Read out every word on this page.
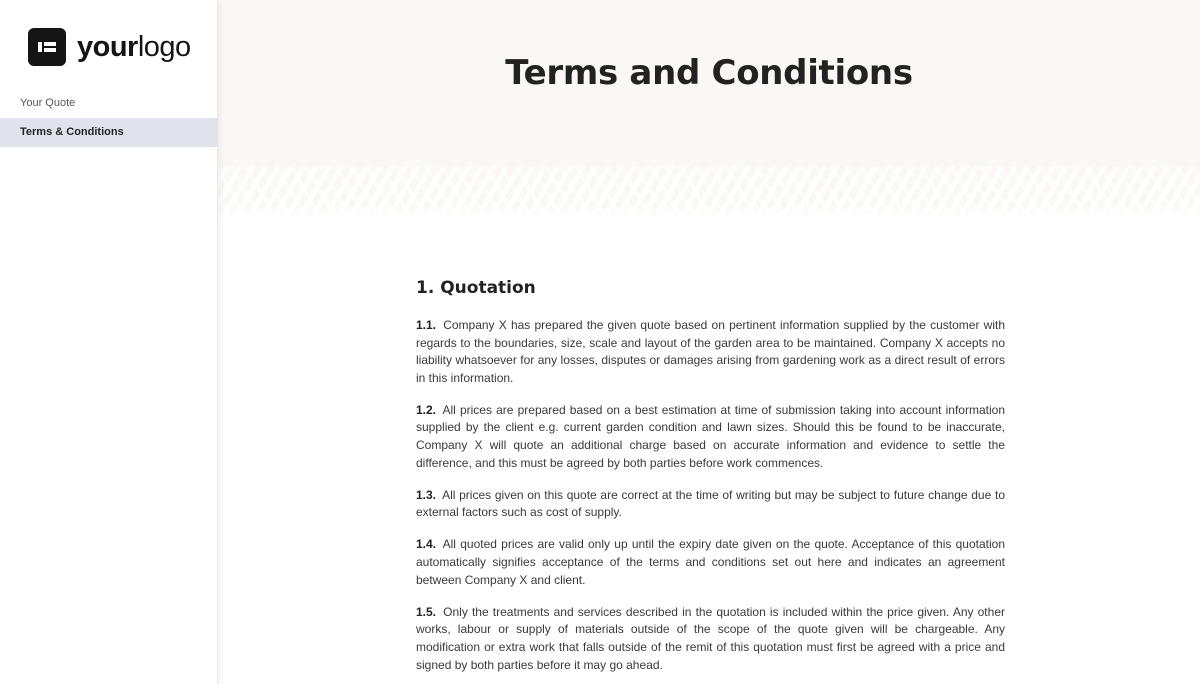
yourlogo
Your Quote
Terms & Conditions
Terms and Conditions
1. Quotation

1.1. Company X has prepared the given quote based on pertinent information supplied by the customer with regards to the boundaries, size, scale and layout of the garden area to be maintained. Company X accepts no liability whatsoever for any losses, disputes or damages arising from gardening work as a direct result of errors in this information.

1.2. All prices are prepared based on a best estimation at time of submission taking into account information supplied by the client e.g. current garden condition and lawn sizes. Should this be found to be inaccurate, Company X will quote an additional charge based on accurate information and evidence to settle the difference, and this must be agreed by both parties before work commences.

1.3. All prices given on this quote are correct at the time of writing but may be subject to future change due to external factors such as cost of supply.

1.4. All quoted prices are valid only up until the expiry date given on the quote. Acceptance of this quotation automatically signifies acceptance of the terms and conditions set out here and indicates an agreement between Company X and client.

1.5. Only the treatments and services described in the quotation is included within the price given. Any other works, labour or supply of materials outside of the scope of the quote given will be chargeable. Any modification or extra work that falls outside of the remit of this quotation must first be agreed with a price and signed by both parties before it may go ahead.
